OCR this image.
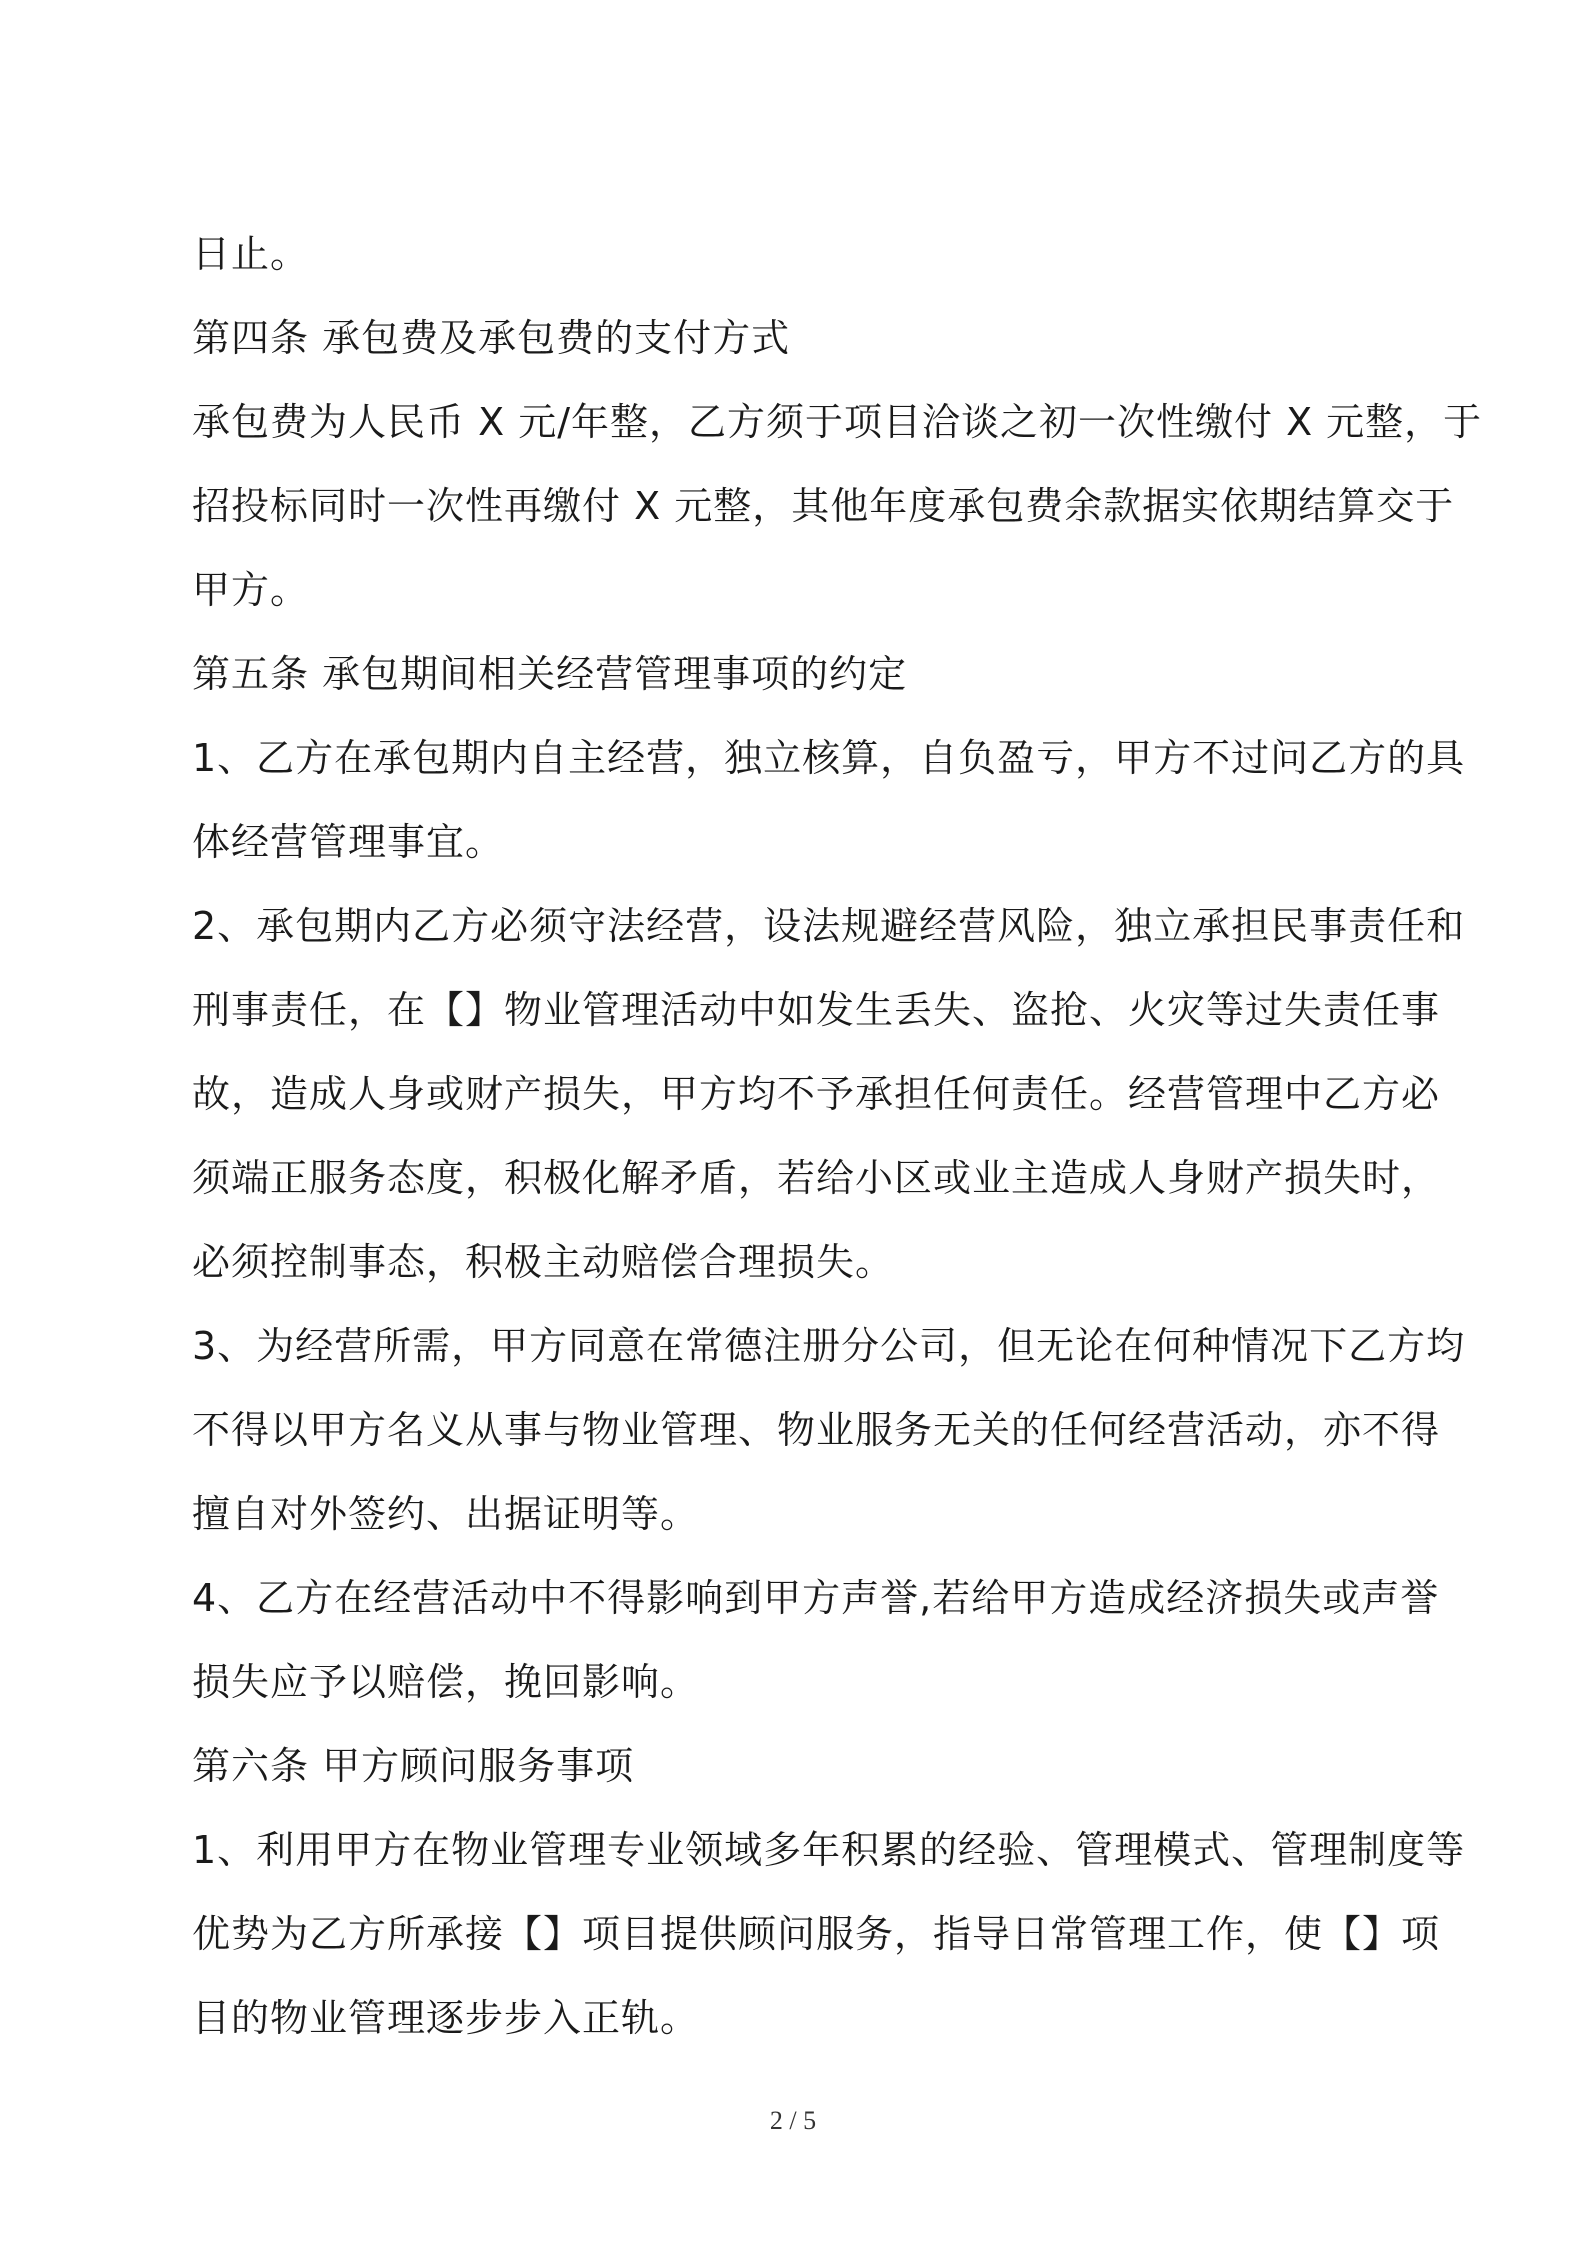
日止。
第四条 承包费及承包费的支付方式
承包费为人民币 X 元/年整，乙方须于项目洽谈之初一次性缴付 X 元整，于
招投标同时一次性再缴付 X 元整，其他年度承包费余款据实依期结算交于
甲方。
第五条 承包期间相关经营管理事项的约定
1、乙方在承包期内自主经营，独立核算，自负盈亏，甲方不过问乙方的具
体经营管理事宜。
2、承包期内乙方必须守法经营，设法规避经营风险，独立承担民事责任和
刑事责任，在【】物业管理活动中如发生丢失、盗抢、火灾等过失责任事
故，造成人身或财产损失，甲方均不予承担任何责任。经营管理中乙方必
须端正服务态度，积极化解矛盾，若给小区或业主造成人身财产损失时，
必须控制事态，积极主动赔偿合理损失。
3、为经营所需，甲方同意在常德注册分公司，但无论在何种情况下乙方均
不得以甲方名义从事与物业管理、物业服务无关的任何经营活动，亦不得
擅自对外签约、出据证明等。
4、乙方在经营活动中不得影响到甲方声誉,若给甲方造成经济损失或声誉
损失应予以赔偿，挽回影响。
第六条 甲方顾问服务事项
1、利用甲方在物业管理专业领域多年积累的经验、管理模式、管理制度等
优势为乙方所承接【】项目提供顾问服务，指导日常管理工作，使【】项
目的物业管理逐步步入正轨。
2 / 5
